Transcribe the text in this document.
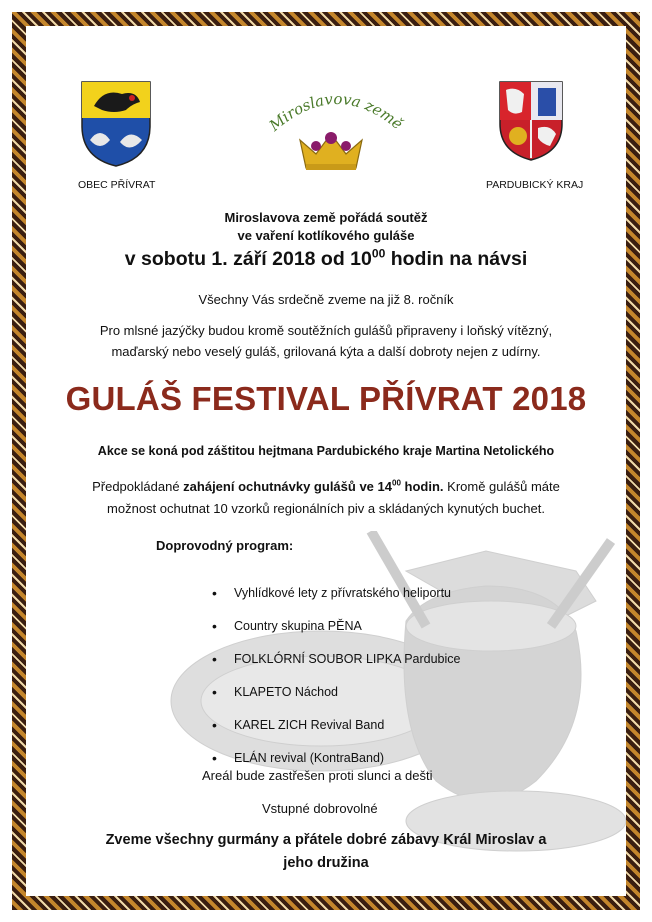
Miroslavova země
OBEC PŘÍVRAT	PARDUBICKÝ KRAJ
Miroslavova země pořádá soutěž
ve vaření kotlíkového guláše
v sobotu 1. září 2018 od $10^{00}$ hodin na návsi
Všechny Vás srdečně zveme na již 8. ročník
Pro mlsné jazýčky budou kromě soutěžních gulášů připraveny i loňský vítězný,
maďarský nebo veselý guláš, grilovaná kýta a další dobroty nejen z udírny.
GULÁŠ FESTIVAL PŘÍVRAT 2018
Akce se koná pod záštitou hejtmana Pardubického kraje Martina Netolického
Předpokládané zahájení ochutnávky gulášů ve $14^{00}$ hodin. Kromě gulášů máte
možnost ochutnat 10 vzorků regionálních piv a skládaných kynutých buchet.
Doprovodný program:
• Vyhlídkové lety z přívratského heliportu
• Country skupina PĚNA
• FOLKLÓRNÍ SOUBOR LIPKA Pardubice
• KLAPETO Náchod
• KAREL ZICH Revival Band
• ELÁN revival (KontraBand)
Areál bude zastřešen proti slunci a dešti
Vstupné dobrovolné
Zveme všechny gurmány a přátele dobré zábavy Král Miroslav a
jeho družina
